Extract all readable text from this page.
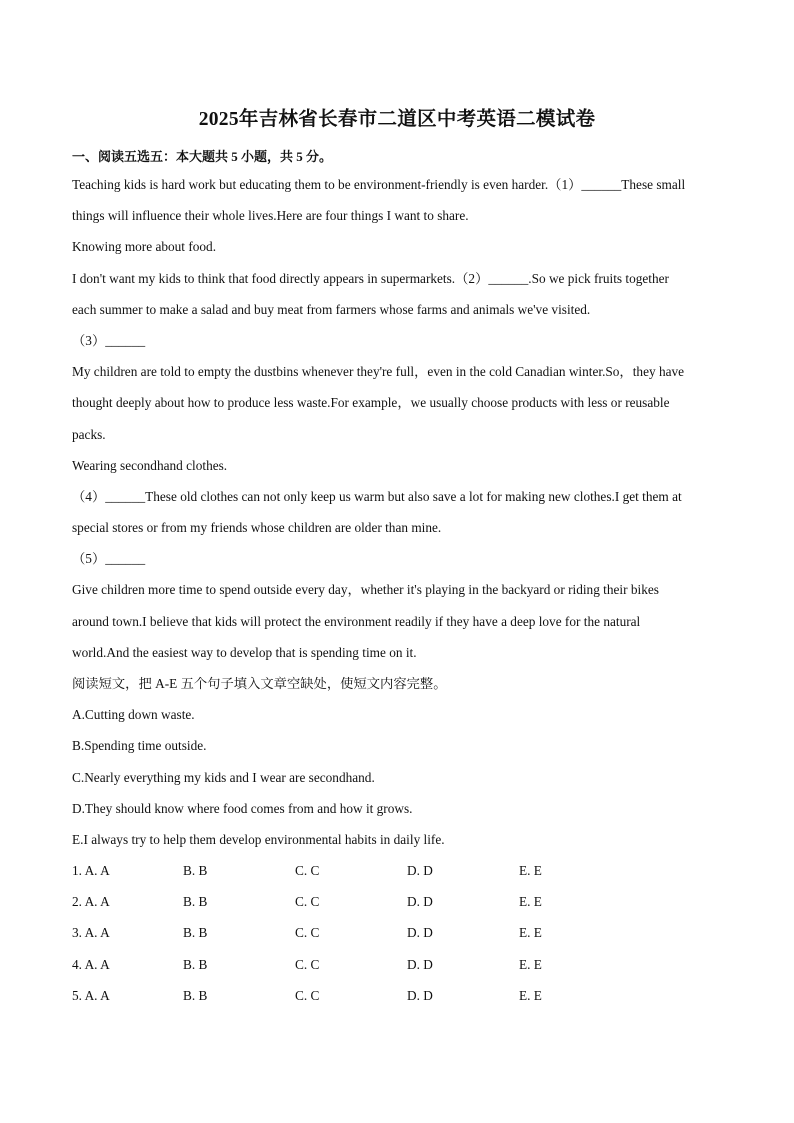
2025年吉林省长春市二道区中考英语二模试卷
一、阅读五选五：本大题共 5 小题，共 5 分。
Teaching kids is hard work but educating them to be environment-friendly is even harder.（1）______These small
things will influence their whole lives.Here are four things I want to share.
Knowing more about food.
I don't want my kids to think that food directly appears in supermarkets.（2）______.So we pick fruits together
each summer to make a salad and buy meat from farmers whose farms and animals we've visited.
（3）______
My children are told to empty the dustbins whenever they're full，even in the cold Canadian winter.So，they have
thought deeply about how to produce less waste.For example，we usually choose products with less or reusable
packs.
Wearing secondhand clothes.
（4）______These old clothes can not only keep us warm but also save a lot for making new clothes.I get them at
special stores or from my friends whose children are older than mine.
（5）______
Give children more time to spend outside every day，whether it's playing in the backyard or riding their bikes
around town.I believe that kids will protect the environment readily if they have a deep love for the natural
world.And the easiest way to develop that is spending time on it.
阅读短文，把 A-E 五个句子填入文章空缺处，使短文内容完整。
A.Cutting down waste.
B.Spending time outside.
C.Nearly everything my kids and I wear are secondhand.
D.They should know where food comes from and how it grows.
E.I always try to help them develop environmental habits in daily life.
1. A. A	B. B	C. C	D. D	E. E
2. A. A	B. B	C. C	D. D	E. E
3. A. A	B. B	C. C	D. D	E. E
4. A. A	B. B	C. C	D. D	E. E
5. A. A	B. B	C. C	D. D	E. E
